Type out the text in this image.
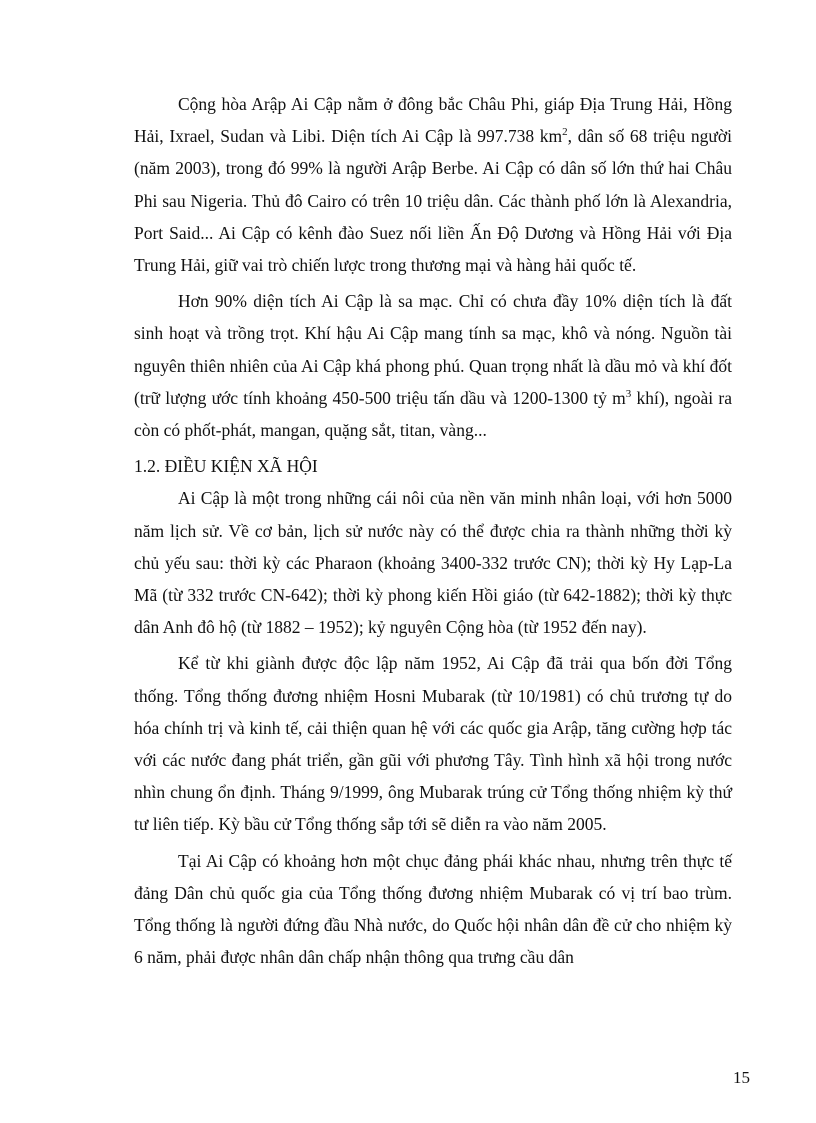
Cộng hòa Arập Ai Cập nằm ở đông bắc Châu Phi, giáp Địa Trung Hải, Hồng Hải, Ixrael, Sudan và Libi. Diện tích Ai Cập là 997.738 $km^2$, dân số 68 triệu người (năm 2003), trong đó 99% là người Arập Berbe. Ai Cập có dân số lớn thứ hai Châu Phi sau Nigeria. Thủ đô Cairo có trên 10 triệu dân. Các thành phố lớn là Alexandria, Port Said... Ai Cập có kênh đào Suez nối liền Ấn Độ Dương và Hồng Hải với Địa Trung Hải, giữ vai trò chiến lược trong thương mại và hàng hải quốc tế.

Hơn 90% diện tích Ai Cập là sa mạc. Chỉ có chưa đầy 10% diện tích là đất sinh hoạt và trồng trọt. Khí hậu Ai Cập mang tính sa mạc, khô và nóng. Nguồn tài nguyên thiên nhiên của Ai Cập khá phong phú. Quan trọng nhất là dầu mỏ và khí đốt (trữ lượng ước tính khoảng 450-500 triệu tấn dầu và 1200-1300 tỷ $m^3$ khí), ngoài ra còn có phốt-phát, mangan, quặng sắt, titan, vàng...

1.2. ĐIỀU KIỆN XÃ HỘI

Ai Cập là một trong những cái nôi của nền văn minh nhân loại, với hơn 5000 năm lịch sử. Về cơ bản, lịch sử nước này có thể được chia ra thành những thời kỳ chủ yếu sau: thời kỳ các Pharaon (khoảng 3400-332 trước CN); thời kỳ Hy Lạp-La Mã (từ 332 trước CN-642); thời kỳ phong kiến Hồi giáo (từ 642-1882); thời kỳ thực dân Anh đô hộ (từ 1882 – 1952); kỷ nguyên Cộng hòa (từ 1952 đến nay).

Kể từ khi giành được độc lập năm 1952, Ai Cập đã trải qua bốn đời Tổng thống. Tổng thống đương nhiệm Hosni Mubarak (từ 10/1981) có chủ trương tự do hóa chính trị và kinh tế, cải thiện quan hệ với các quốc gia Arập, tăng cường hợp tác với các nước đang phát triển, gần gũi với phương Tây. Tình hình xã hội trong nước nhìn chung ổn định. Tháng 9/1999, ông Mubarak trúng cử Tổng thống nhiệm kỳ thứ tư liên tiếp. Kỳ bầu cử Tổng thống sắp tới sẽ diễn ra vào năm 2005.

Tại Ai Cập có khoảng hơn một chục đảng phái khác nhau, nhưng trên thực tế đảng Dân chủ quốc gia của Tổng thống đương nhiệm Mubarak có vị trí bao trùm. Tổng thống là người đứng đầu Nhà nước, do Quốc hội nhân dân đề cử cho nhiệm kỳ 6 năm, phải được nhân dân chấp nhận thông qua trưng cầu dân

15
